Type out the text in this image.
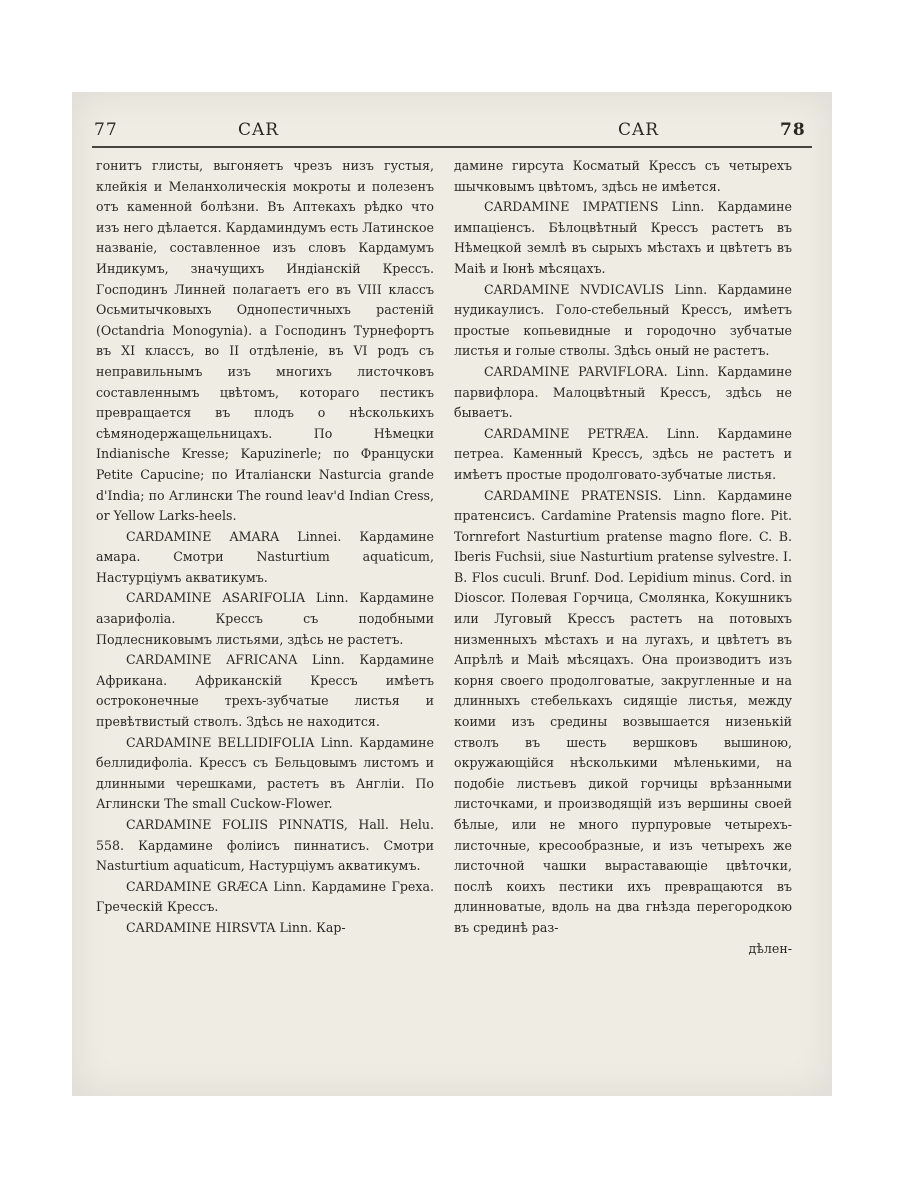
77	CAR	CAR	78

гонитъ глисты, выгоняетъ чрезъ низъ густыя, клейкія и Меланхолическія мокроты и полезенъ отъ каменной болѣзни. Въ Аптекахъ рѣдко что изъ него дѣлается. Кардаминдумъ есть Латинское названіе, составленное изъ словъ Кардамумъ Индикумъ, значущихъ Индіанскій Крессъ. Господинъ Линней полагаетъ его въ VIII классъ Осьмитычковыхъ Однопестичныхъ растеній (Octandria Monogynia). а Господинъ Турнефортъ въ XI классъ, во II отдѣленіе, въ VI родъ съ неправильнымъ изъ многихъ листочковъ составленнымъ цвѣтомъ, котораго пестикъ превращается въ плодъ о нѣсколькихъ сѣмянодержащельницахъ. По Нѣмецки Indianische Kresse; Kapuzinerle; по Француски Petite Capucine; по Италіански Nasturcia grande d'India; по Аглински The round leav'd Indian Cress, or Yellow Larks-heels.

CARDAMINE AMARA Linnei. Кардамине амара. Смотри Nasturtium aquaticum, Настурціумъ акватикумъ.

CARDAMINE ASARIFOLIA Linn. Кардамине азарифоліа. Крессъ съ подобными Подлесниковымъ листьями, здѣсь не растетъ.

CARDAMINE AFRICANA Linn. Кардамине Африкана. Африканскій Крессъ имѣетъ остроконечные трехъ-зубчатые листья и превѣтвистый стволъ. Здѣсь не находится.

CARDAMINE BELLIDIFOLIA Linn. Кардамине беллидифоліа. Крессъ съ Бельцовымъ листомъ и длинными черешками, растетъ въ Англіи. По Аглински The small Cuckow-Flower.

CARDAMINE FOLIIS PINNATIS, Hall. Helu. 558. Кардамине фоліисъ пиннатисъ. Смотри Nasturtium aquaticum, Настурціумъ акватикумъ.

CARDAMINE GRÆCA Linn. Кардамине Греха. Греческій Крессъ.

CARDAMINE HIRSVTA Linn. Кар-

дамине гирсута Косматый Крессъ съ четырехъ шычковымъ цвѣтомъ, здѣсь не имѣется.

CARDAMINE IMPATIENS Linn. Кардамине импаціенсъ. Бѣлоцвѣтный Крессъ растетъ въ Нѣмецкой землѣ въ сырыхъ мѣстахъ и цвѣтетъ въ Маіѣ и Іюнѣ мѣсяцахъ.

CARDAMINE NVDICAVLIS Linn. Кардамине нудикаулисъ. Голо-стебельный Крессъ, имѣетъ простые копьевидные и городочно зубчатые листья и голые стволы. Здѣсь оный не растетъ.

CARDAMINE PARVIFLORA. Linn. Кардамине парвифлора. Малоцвѣтный Крессъ, здѣсь не бываетъ.

CARDAMINE PETRÆA. Linn. Кардамине петреа. Каменный Крессъ, здѣсь не растетъ и имѣетъ простые продолговато-зубчатые листья.

CARDAMINE PRATENSIS. Linn. Кардамине пратенсисъ. Cardamine Pratensis magno flore. Pit. Tornrefort Nasturtium pratense magno flore. C. B. Iberis Fuchsii, siue Nasturtium pratense sylvestre. I. B. Flos cuculi. Brunf. Dod. Lepidium minus. Cord. in Dioscor. Полевая Горчица, Смолянка, Кокушникъ или Луговый Крессъ растетъ на потовыхъ низменныхъ мѣстахъ и на лугахъ, и цвѣтетъ въ Апрѣлѣ и Маіѣ мѣсяцахъ. Она производитъ изъ корня своего продолговатые, закругленные и на длинныхъ стебелькахъ сидящіе листья, между коими изъ средины возвышается низенькій стволъ въ шесть вершковъ вышиною, окружающійся нѣсколькими мѣленькими, на подобіе листьевъ дикой горчицы врѣзанными листочками, и производящій изъ вершины своей бѣлые, или не много пурпуровые четырехъ-листочные, кресообразные, и изъ четырехъ же листочной чашки выраставающіе цвѣточки, послѣ коихъ пестики ихъ превращаются въ длинноватые, вдоль на два гнѣзда перегородкою въ срединѣ раз-

дѣлен-
